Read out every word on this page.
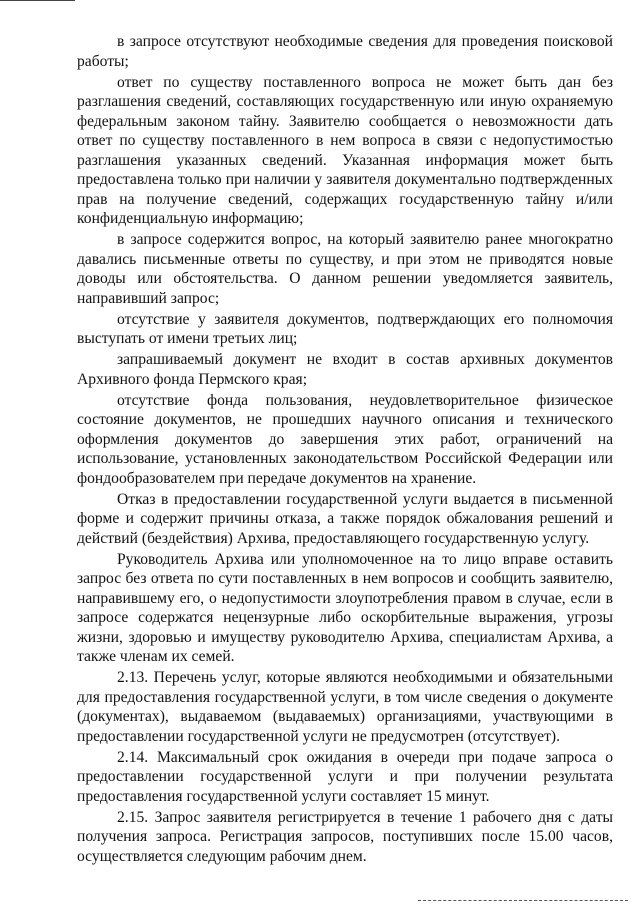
в запросе отсутствуют необходимые сведения для проведения поисковой работы;

ответ по существу поставленного вопроса не может быть дан без разглашения сведений, составляющих государственную или иную охраняемую федеральным законом тайну. Заявителю сообщается о невозможности дать ответ по существу поставленного в нем вопроса в связи с недопустимостью разглашения указанных сведений. Указанная информация может быть предоставлена только при наличии у заявителя документально подтвержденных прав на получение сведений, содержащих государственную тайну и/или конфиденциальную информацию;

в запросе содержится вопрос, на который заявителю ранее многократно давались письменные ответы по существу, и при этом не приводятся новые доводы или обстоятельства. О данном решении уведомляется заявитель, направивший запрос;

отсутствие у заявителя документов, подтверждающих его полномочия выступать от имени третьих лиц;

запрашиваемый документ не входит в состав архивных документов Архивного фонда Пермского края;

отсутствие фонда пользования, неудовлетворительное физическое состояние документов, не прошедших научного описания и технического оформления документов до завершения этих работ, ограничений на использование, установленных законодательством Российской Федерации или фондообразователем при передаче документов на хранение.

Отказ в предоставлении государственной услуги выдается в письменной форме и содержит причины отказа, а также порядок обжалования решений и действий (бездействия) Архива, предоставляющего государственную услугу.

Руководитель Архива или уполномоченное на то лицо вправе оставить запрос без ответа по сути поставленных в нем вопросов и сообщить заявителю, направившему его, о недопустимости злоупотребления правом в случае, если в запросе содержатся нецензурные либо оскорбительные выражения, угрозы жизни, здоровью и имуществу руководителю Архива, специалистам Архива, а также членам их семей.

2.13. Перечень услуг, которые являются необходимыми и обязательными для предоставления государственной услуги, в том числе сведения о документе (документах), выдаваемом (выдаваемых) организациями, участвующими в предоставлении государственной услуги не предусмотрен (отсутствует).

2.14. Максимальный срок ожидания в очереди при подаче запроса о предоставлении государственной услуги и при получении результата предоставления государственной услуги составляет 15 минут.

2.15. Запрос заявителя регистрируется в течение 1 рабочего дня с даты получения запроса. Регистрация запросов, поступивших после 15.00 часов, осуществляется следующим рабочим днем.
